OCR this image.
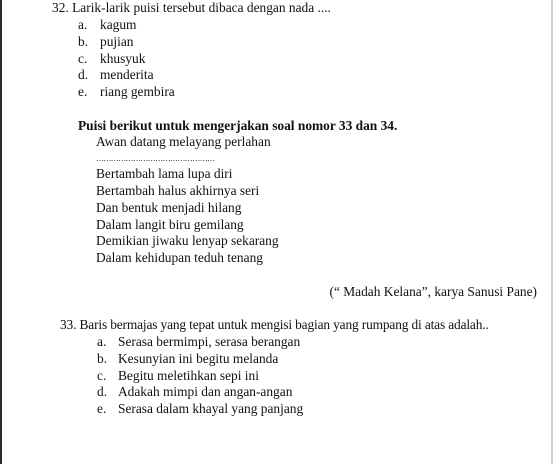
32. Larik-larik puisi tersebut dibaca dengan nada ....
a. kagum
b. pujian
c. khusyuk
d. menderita
e. riang gembira
Puisi berikut untuk mengerjakan soal nomor 33 dan 34.
Awan datang melayang perlahan
…………………………………………
Bertambah lama lupa diri
Bertambah halus akhirnya seri
Dan bentuk menjadi hilang
Dalam langit biru gemilang
Demikian jiwaku lenyap sekarang
Dalam kehidupan teduh tenang
(“ Madah Kelana”, karya Sanusi Pane)
33. Baris bermajas yang tepat untuk mengisi bagian yang rumpang di atas adalah..
a. Serasa bermimpi, serasa berangan
b. Kesunyian ini begitu melanda
c. Begitu meletihkan sepi ini
d. Adakah mimpi dan angan-angan
e. Serasa dalam khayal yang panjang
